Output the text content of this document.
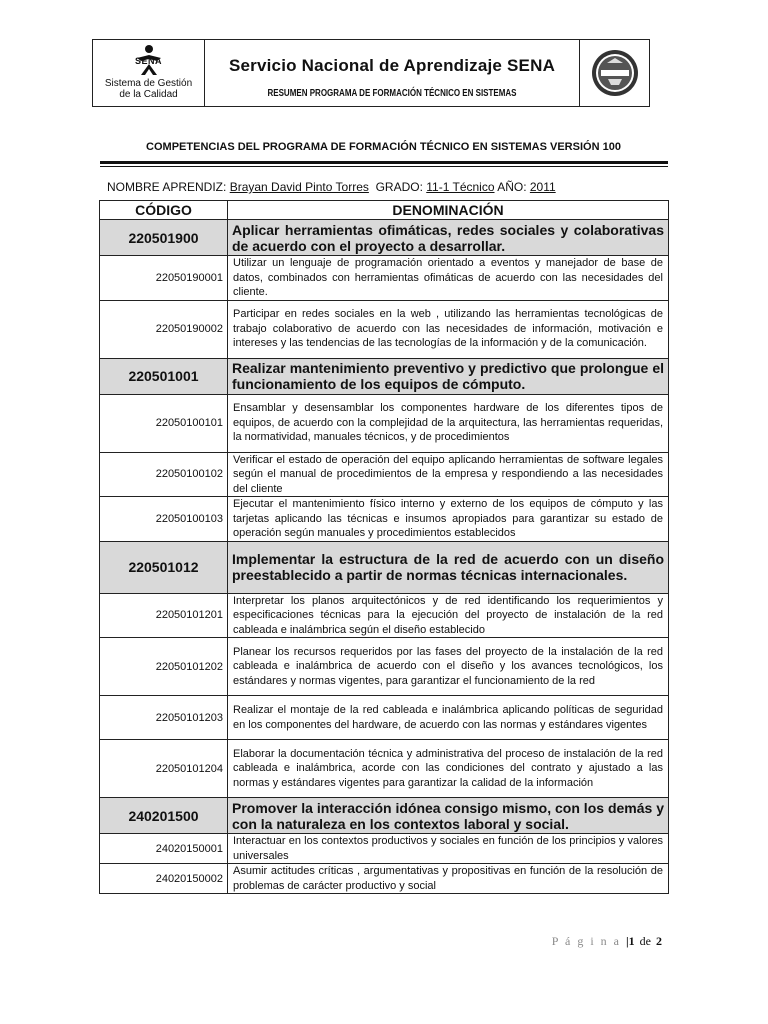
SENA
Sistema de Gestión
de la Calidad
Servicio Nacional de Aprendizaje SENA
RESUMEN PROGRAMA DE FORMACIÓN TÉCNICO EN SISTEMAS
COMPETENCIAS DEL PROGRAMA DE FORMACIÓN TÉCNICO EN SISTEMAS VERSIÓN 100
NOMBRE APRENDIZ: Brayan David Pinto Torres GRADO: 11-1 Técnico AÑO: 2011
CÓDIGO	DENOMINACIÓN
220501900	Aplicar herramientas ofimáticas, redes sociales y colaborativas de acuerdo con el proyecto a desarrollar.
22050190001	Utilizar un lenguaje de programación orientado a eventos y manejador de base de datos, combinados con herramientas ofimáticas de acuerdo con las necesidades del cliente.
22050190002	Participar en redes sociales en la web , utilizando las herramientas tecnológicas de trabajo colaborativo de acuerdo con las necesidades de información, motivación e intereses y las tendencias de las tecnologías de la información y de la comunicación.
220501001	Realizar mantenimiento preventivo y predictivo que prolongue el funcionamiento de los equipos de cómputo.
22050100101	Ensamblar y desensamblar los componentes hardware de los diferentes tipos de equipos, de acuerdo con la complejidad de la arquitectura, las herramientas requeridas, la normatividad, manuales técnicos, y de procedimientos
22050100102	Verificar el estado de operación del equipo aplicando herramientas de software legales según el manual de procedimientos de la empresa y respondiendo a las necesidades del cliente
22050100103	Ejecutar el mantenimiento físico interno y externo de los equipos de cómputo y las tarjetas aplicando las técnicas e insumos apropiados para garantizar su estado de operación según manuales y procedimientos establecidos
220501012	Implementar la estructura de la red de acuerdo con un diseño preestablecido a partir de normas técnicas internacionales.
22050101201	Interpretar los planos arquitectónicos y de red identificando los requerimientos y especificaciones técnicas para la ejecución del proyecto de instalación de la red cableada e inalámbrica según el diseño establecido
22050101202	Planear los recursos requeridos por las fases del proyecto de la instalación de la red cableada e inalámbrica de acuerdo con el diseño y los avances tecnológicos, los estándares y normas vigentes, para garantizar el funcionamiento de la red
22050101203	Realizar el montaje de la red cableada e inalámbrica aplicando políticas de seguridad en los componentes del hardware, de acuerdo con las normas y estándares vigentes
22050101204	Elaborar la documentación técnica y administrativa del proceso de instalación de la red cableada e inalámbrica, acorde con las condiciones del contrato y ajustado a las normas y estándares vigentes para garantizar la calidad de la información
240201500	Promover la interacción idónea consigo mismo, con los demás y con la naturaleza en los contextos laboral y social.
24020150001	Interactuar en los contextos productivos y sociales en función de los principios y valores universales
24020150002	Asumir actitudes críticas , argumentativas y propositivas en función de la resolución de problemas de carácter productivo y social
P á g i n a |1 de 2
